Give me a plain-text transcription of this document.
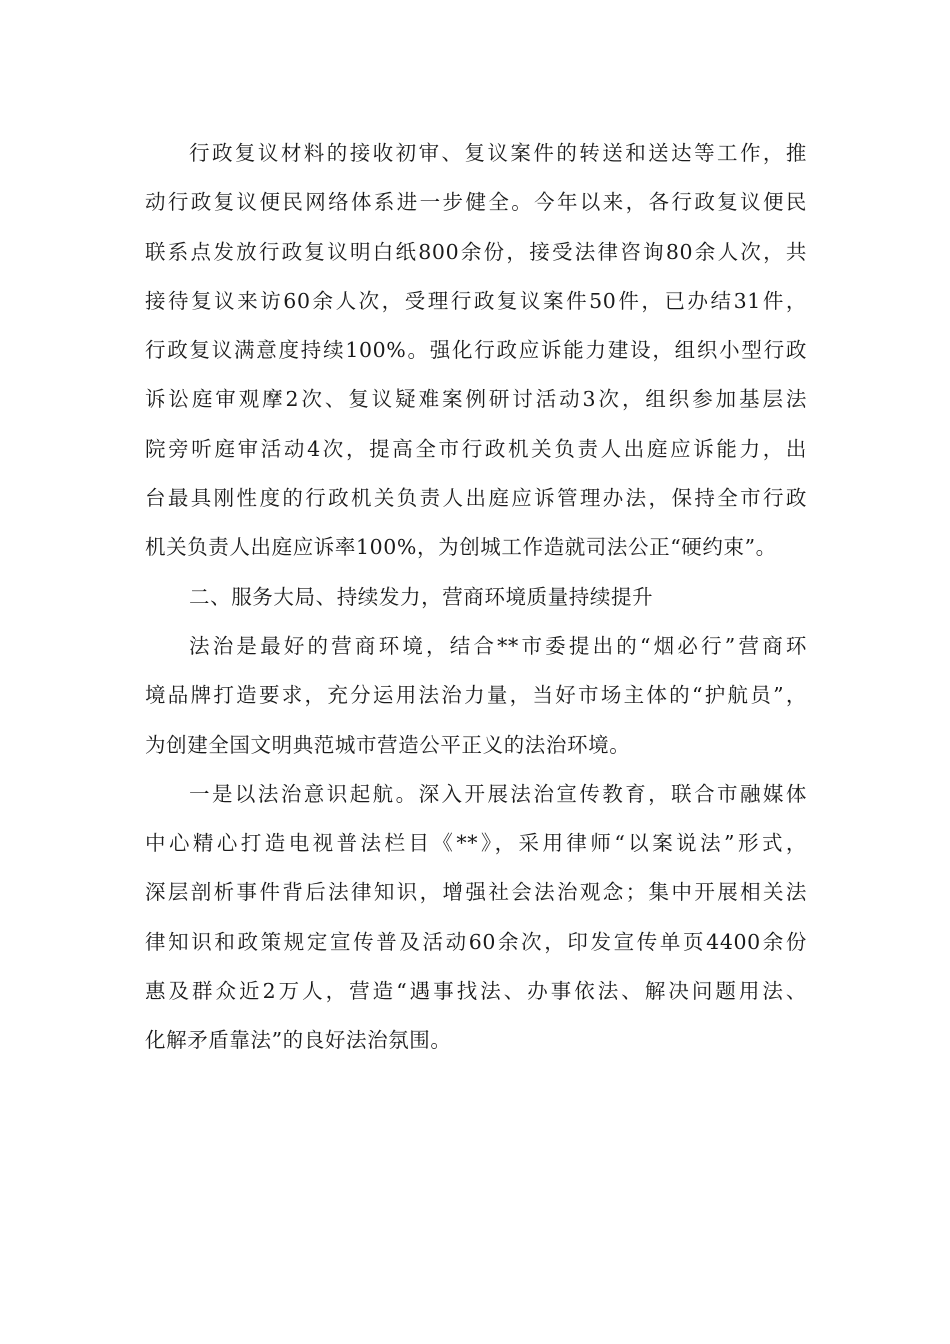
行政复议材料的接收初审、复议案件的转送和送达等工作，推
动行政复议便民网络体系进一步健全。今年以来，各行政复议便民
联系点发放行政复议明白纸800余份，接受法律咨询80余人次，共
接待复议来访60余人次，受理行政复议案件50件，已办结31件，
行政复议满意度持续100%。强化行政应诉能力建设，组织小型行政
诉讼庭审观摩2次、复议疑难案例研讨活动3次，组织参加基层法
院旁听庭审活动4次，提高全市行政机关负责人出庭应诉能力，出
台最具刚性度的行政机关负责人出庭应诉管理办法，保持全市行政
机关负责人出庭应诉率100%，为创城工作造就司法公正“硬约束”。
二、服务大局、持续发力，营商环境质量持续提升
法治是最好的营商环境，结合**市委提出的“烟必行”营商环
境品牌打造要求，充分运用法治力量，当好市场主体的“护航员”，
为创建全国文明典范城市营造公平正义的法治环境。
一是以法治意识起航。深入开展法治宣传教育，联合市融媒体
中心精心打造电视普法栏目《**》，采用律师“以案说法”形式，
深层剖析事件背后法律知识，增强社会法治观念；集中开展相关法
律知识和政策规定宣传普及活动60余次，印发宣传单页4400余份
惠及群众近2万人，营造“遇事找法、办事依法、解决问题用法、
化解矛盾靠法”的良好法治氛围。
